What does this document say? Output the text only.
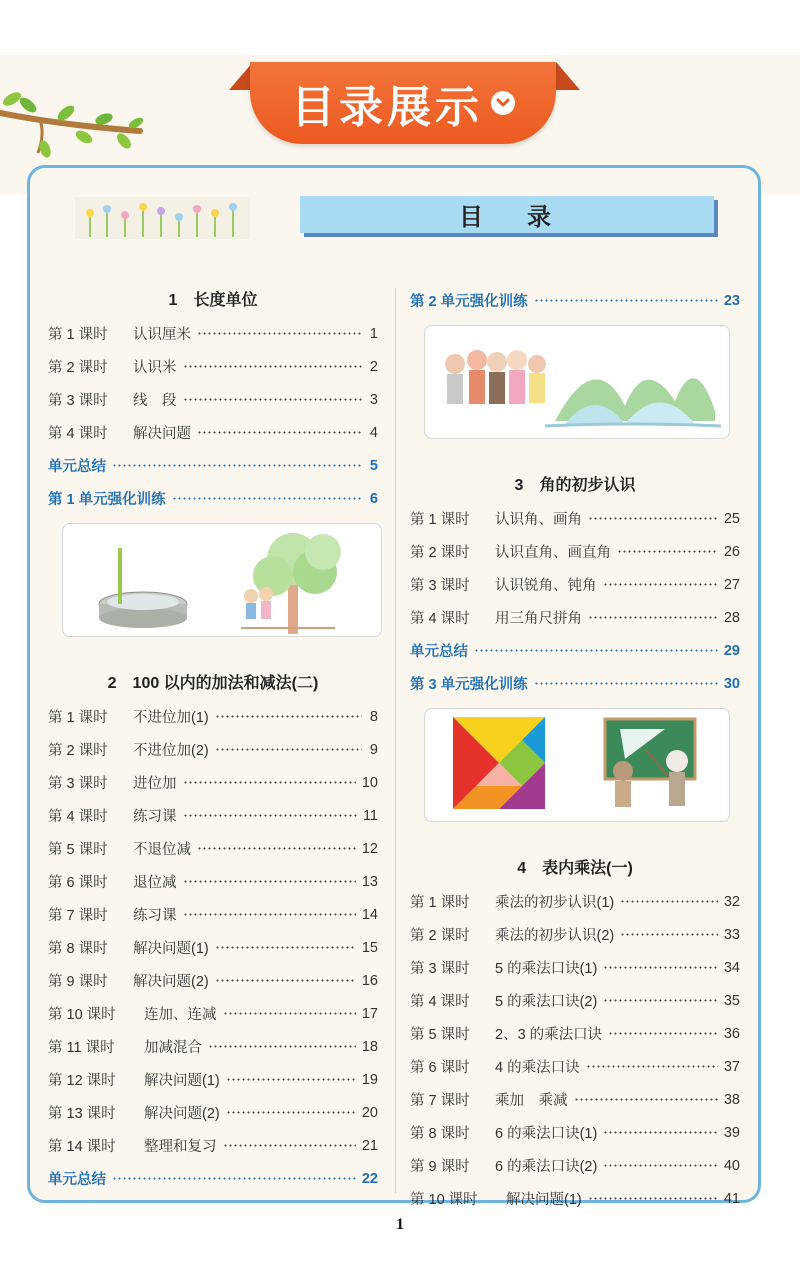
目录展示
目 录
1　长度单位
第 1 课时	认识厘米	1
第 2 课时	认识米	2
第 3 课时	线　段	3
第 4 课时	解决问题	4
单元总结	5
第 1 单元强化训练	6
2　100 以内的加法和减法(二)
第 1 课时	不进位加(1)	8
第 2 课时	不进位加(2)	9
第 3 课时	进位加	10
第 4 课时	练习课	11
第 5 课时	不退位减	12
第 6 课时	退位减	13
第 7 课时	练习课	14
第 8 课时	解决问题(1)	15
第 9 课时	解决问题(2)	16
第 10 课时	连加、连减	17
第 11 课时	加减混合	18
第 12 课时	解决问题(1)	19
第 13 课时	解决问题(2)	20
第 14 课时	整理和复习	21
单元总结	22
第 2 单元强化训练	23
3　角的初步认识
第 1 课时	认识角、画角	25
第 2 课时	认识直角、画直角	26
第 3 课时	认识锐角、钝角	27
第 4 课时	用三角尺拼角	28
单元总结	29
第 3 单元强化训练	30
4　表内乘法(一)
第 1 课时	乘法的初步认识(1)	32
第 2 课时	乘法的初步认识(2)	33
第 3 课时	5 的乘法口诀(1)	34
第 4 课时	5 的乘法口诀(2)	35
第 5 课时	2、3 的乘法口诀	36
第 6 课时	4 的乘法口诀	37
第 7 课时	乘加　乘减	38
第 8 课时	6 的乘法口诀(1)	39
第 9 课时	6 的乘法口诀(2)	40
第 10 课时	解决问题(1)	41
1
